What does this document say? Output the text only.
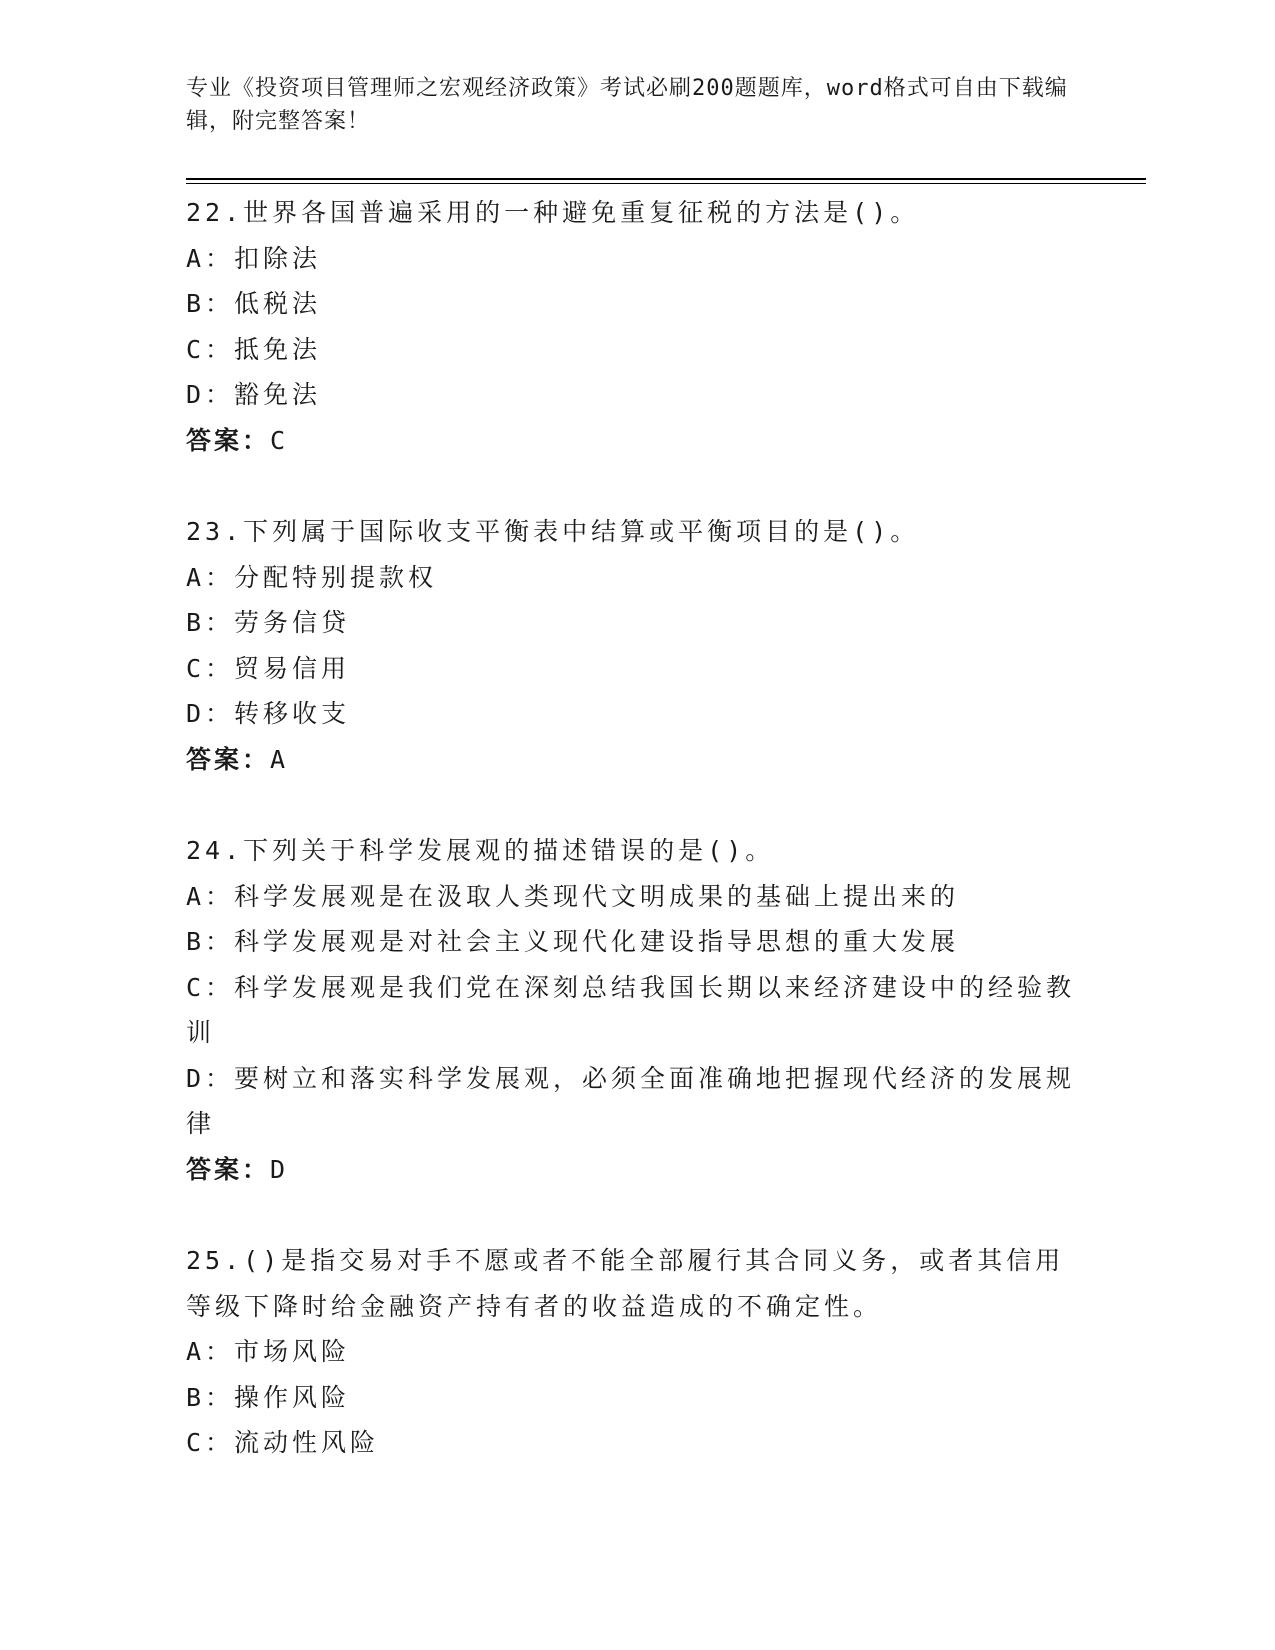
专业《投资项目管理师之宏观经济政策》考试必刷200题题库，word格式可自由下载编辑，附完整答案！
22.世界各国普遍采用的一种避免重复征税的方法是()。
A：扣除法
B：低税法
C：抵免法
D：豁免法
答案：C
23.下列属于国际收支平衡表中结算或平衡项目的是()。
A：分配特别提款权
B：劳务信贷
C：贸易信用
D：转移收支
答案：A
24.下列关于科学发展观的描述错误的是()。
A：科学发展观是在汲取人类现代文明成果的基础上提出来的
B：科学发展观是对社会主义现代化建设指导思想的重大发展
C：科学发展观是我们党在深刻总结我国长期以来经济建设中的经验教训
D：要树立和落实科学发展观，必须全面准确地把握现代经济的发展规律
答案：D
25.()是指交易对手不愿或者不能全部履行其合同义务，或者其信用等级下降时给金融资产持有者的收益造成的不确定性。
A：市场风险
B：操作风险
C：流动性风险
